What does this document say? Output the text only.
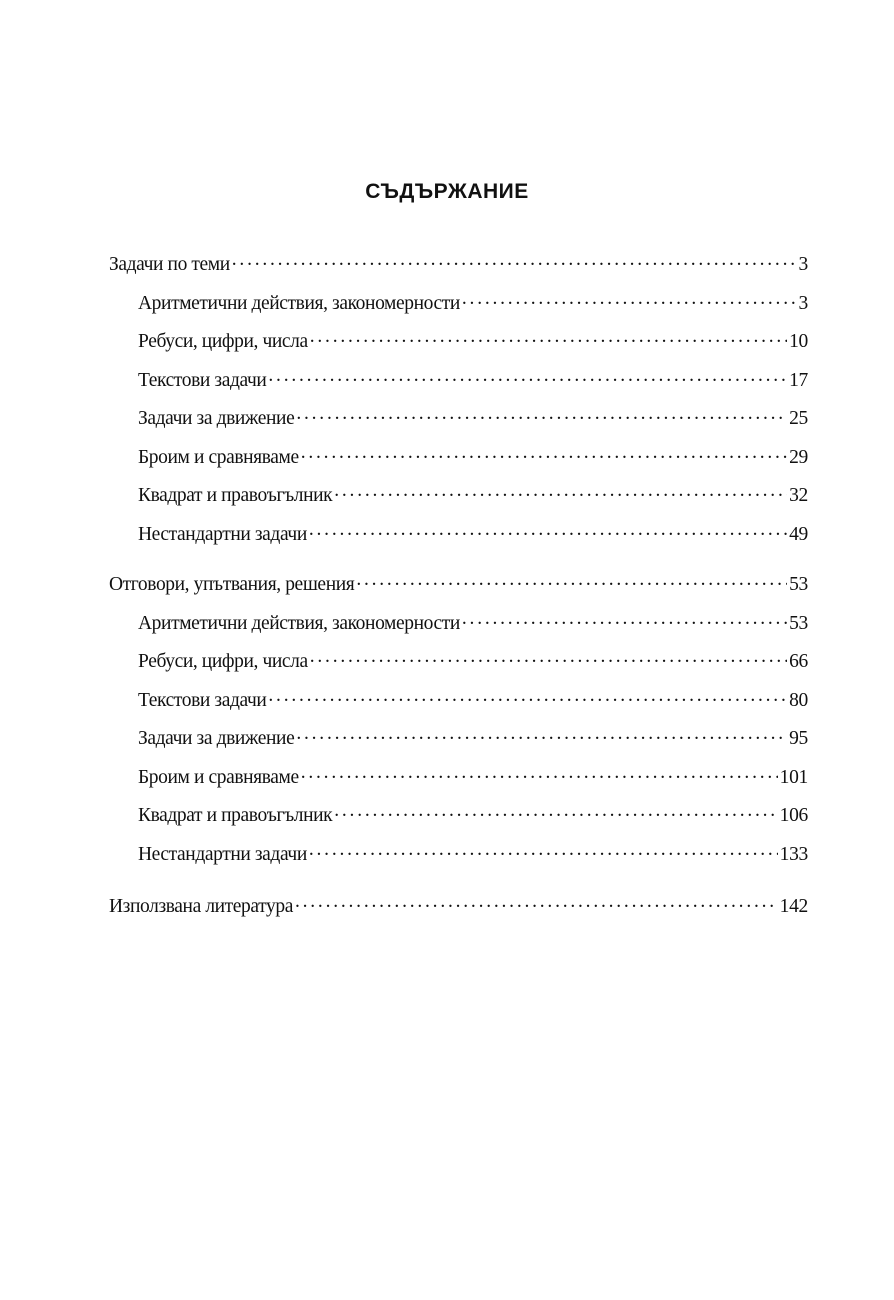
СЪДЪРЖАНИЕ
Задачи по теми . . .	3
Аритметични действия, закономерности . . .	3
Ребуси, цифри, числа . . .	10
Текстови задачи . . .	17
Задачи за движение . . .	25
Броим и сравняваме . . .	29
Квадрат и правоъгълник . . .	32
Нестандартни задачи . . .	49
Отговори, упътвания, решения . . .	53
Аритметични действия, закономерности . . .	53
Ребуси, цифри, числа . . .	66
Текстови задачи . . .	80
Задачи за движение . . .	95
Броим и сравняваме . . .	101
Квадрат и правоъгълник . . .	106
Нестандартни задачи . . .	133
Използвана литература . . .	142
